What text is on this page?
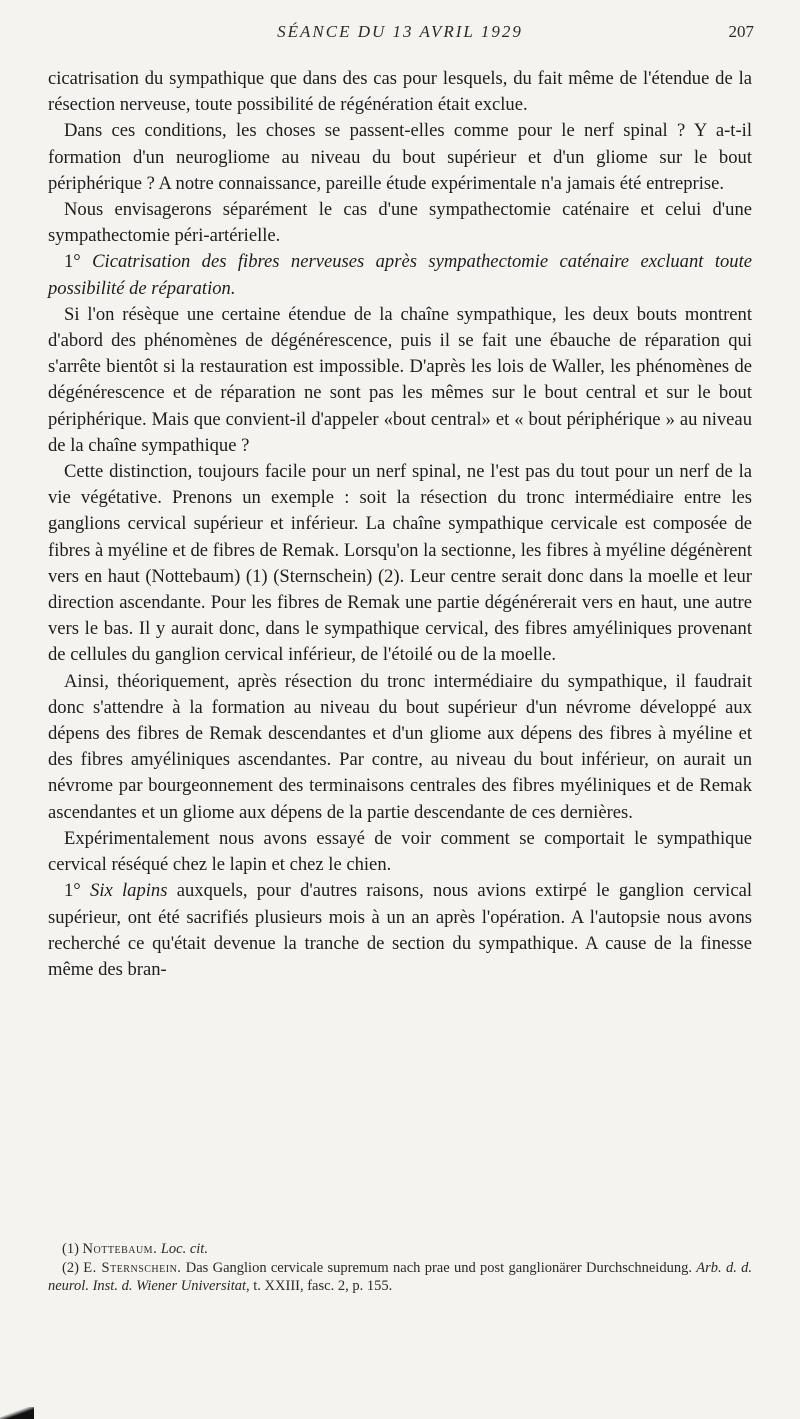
SÉANCE DU 13 AVRIL 1929	207

cicatrisation du sympathique que dans des cas pour lesquels, du fait même de l'étendue de la résection nerveuse, toute possibilité de régénération était exclue.

Dans ces conditions, les choses se passent-elles comme pour le nerf spinal ? Y a-t-il formation d'un neurogliome au niveau du bout supérieur et d'un gliome sur le bout périphérique ? A notre connaissance, pareille étude expérimentale n'a jamais été entreprise.

Nous envisagerons séparément le cas d'une sympathectomie caténaire et celui d'une sympathectomie péri-artérielle.

1° Cicatrisation des fibres nerveuses après sympathectomie caténaire excluant toute possibilité de réparation.

Si l'on résèque une certaine étendue de la chaîne sympathique, les deux bouts montrent d'abord des phénomènes de dégénérescence, puis il se fait une ébauche de réparation qui s'arrête bientôt si la restauration est impossible. D'après les lois de Waller, les phénomènes de dégénérescence et de réparation ne sont pas les mêmes sur le bout central et sur le bout périphérique. Mais que convient-il d'appeler «bout central» et « bout périphérique » au niveau de la chaîne sympathique ?

Cette distinction, toujours facile pour un nerf spinal, ne l'est pas du tout pour un nerf de la vie végétative. Prenons un exemple : soit la résection du tronc intermédiaire entre les ganglions cervical supérieur et inférieur. La chaîne sympathique cervicale est composée de fibres à myéline et de fibres de Remak. Lorsqu'on la sectionne, les fibres à myéline dégénèrent vers en haut (Nottebaum) (1) (Sternschein) (2). Leur centre serait donc dans la moelle et leur direction ascendante. Pour les fibres de Remak une partie dégénérerait vers en haut, une autre vers le bas. Il y aurait donc, dans le sympathique cervical, des fibres amyéliniques provenant de cellules du ganglion cervical inférieur, de l'étoilé ou de la moelle.

Ainsi, théoriquement, après résection du tronc intermédiaire du sympathique, il faudrait donc s'attendre à la formation au niveau du bout supérieur d'un névrome développé aux dépens des fibres de Remak descendantes et d'un gliome aux dépens des fibres à myéline et des fibres amyéliniques ascendantes. Par contre, au niveau du bout inférieur, on aurait un névrome par bourgeonnement des terminaisons centrales des fibres myéliniques et de Remak ascendantes et un gliome aux dépens de la partie descendante de ces dernières.

Expérimentalement nous avons essayé de voir comment se comportait le sympathique cervical réséqué chez le lapin et chez le chien.

1° Six lapins auxquels, pour d'autres raisons, nous avions extirpé le ganglion cervical supérieur, ont été sacrifiés plusieurs mois à un an après l'opération. A l'autopsie nous avons recherché ce qu'était devenue la tranche de section du sympathique. A cause de la finesse même des bran-

(1) Nottebaum. Loc. cit.

(2) E. Sternschein. Das Ganglion cervicale supremum nach prae und post ganglionärer Durchschneidung. Arb. d. d. neurol. Inst. d. Wiener Universitat, t. XXIII, fasc. 2, p. 155.
